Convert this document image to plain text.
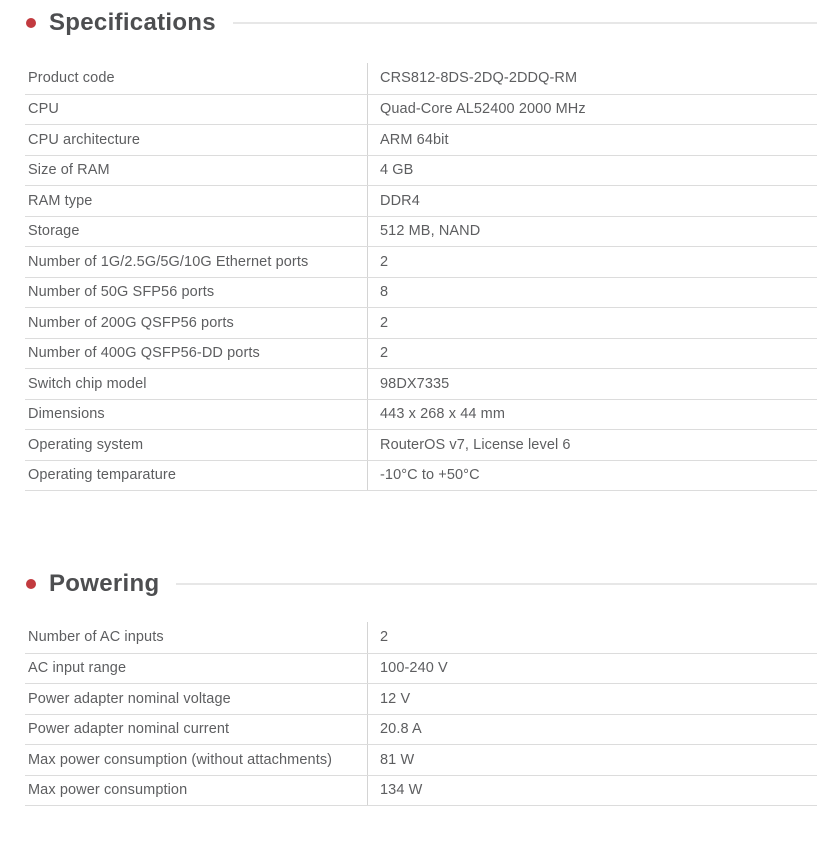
Specifications
Product code	CRS812-8DS-2DQ-2DDQ-RM
CPU	Quad-Core AL52400 2000 MHz
CPU architecture	ARM 64bit
Size of RAM	4 GB
RAM type	DDR4
Storage	512 MB, NAND
Number of 1G/2.5G/5G/10G Ethernet ports	2
Number of 50G SFP56 ports	8
Number of 200G QSFP56 ports	2
Number of 400G QSFP56-DD ports	2
Switch chip model	98DX7335
Dimensions	443 x 268 x 44 mm
Operating system	RouterOS v7, License level 6
Operating temparature	-10°C to +50°C
Powering
Number of AC inputs	2
AC input range	100-240 V
Power adapter nominal voltage	12 V
Power adapter nominal current	20.8 A
Max power consumption (without attachments)	81 W
Max power consumption	134 W
